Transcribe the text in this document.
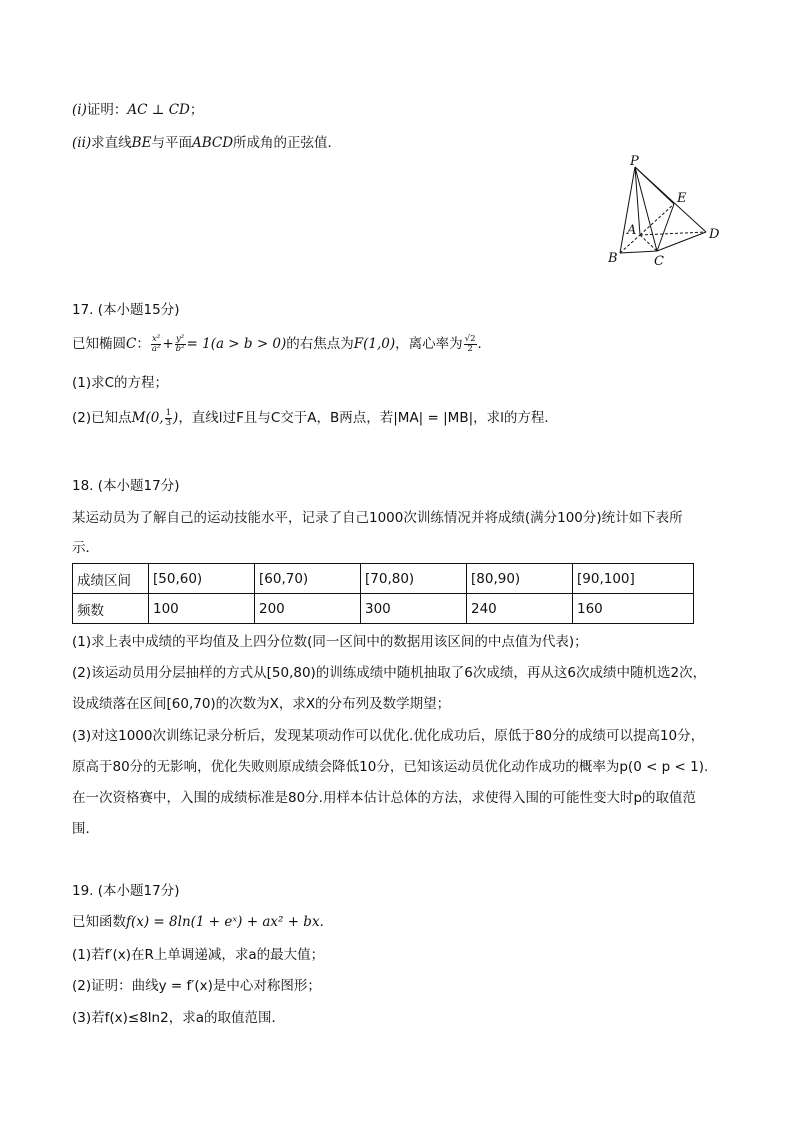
(i)证明：AC ⊥ CD；
(ii)求直线BE与平面ABCD所成角的正弦值．
P
E
A	D
B	C
17. (本小题15分)
已知椭圆C： $\frac{\text{x²}}{\text{a²}} + \frac{\text{y²}}{\text{b²}} = 1(a > b > 0)$的右焦点为F(1,0)，离心率为 $\frac{√2}{2}$ ．
(1)求C的方程；
(2)已知点M(0, $\frac{1}{3}$ )，直线l过F且与C交于A，B两点，若|MA| = |MB|，求l的方程．
18. (本小题17分)
某运动员为了解自己的运动技能水平，记录了自己1000次训练情况并将成绩(满分100分)统计如下表所
示．
成绩区间	[50,60)	[60,70)	[70,80)	[80,90)	[90,100]
频数	100	200	300	240	160
(1)求上表中成绩的平均值及上四分位数(同一区间中的数据用该区间的中点值为代表)；
(2)该运动员用分层抽样的方式从[50,80)的训练成绩中随机抽取了6次成绩，再从这6次成绩中随机选2次，
设成绩落在区间[60,70)的次数为X，求X的分布列及数学期望；
(3)对这1000次训练记录分析后，发现某项动作可以优化.优化成功后，原低于80分的成绩可以提高10分，
原高于80分的无影响，优化失败则原成绩会降低10分，已知该运动员优化动作成功的概率为p(0 < p < 1).
在一次资格赛中，入围的成绩标准是80分.用样本估计总体的方法，求使得入围的可能性变大时p的取值范
围．
19. (本小题17分)
已知函数f(x) = 8ln(1 + eˣ) + ax² + bx．
(1)若f′(x)在R上单调递减，求a的最大值；
(2)证明：曲线y = f′(x)是中心对称图形；
(3)若f(x)≤8ln2，求a的取值范围．
